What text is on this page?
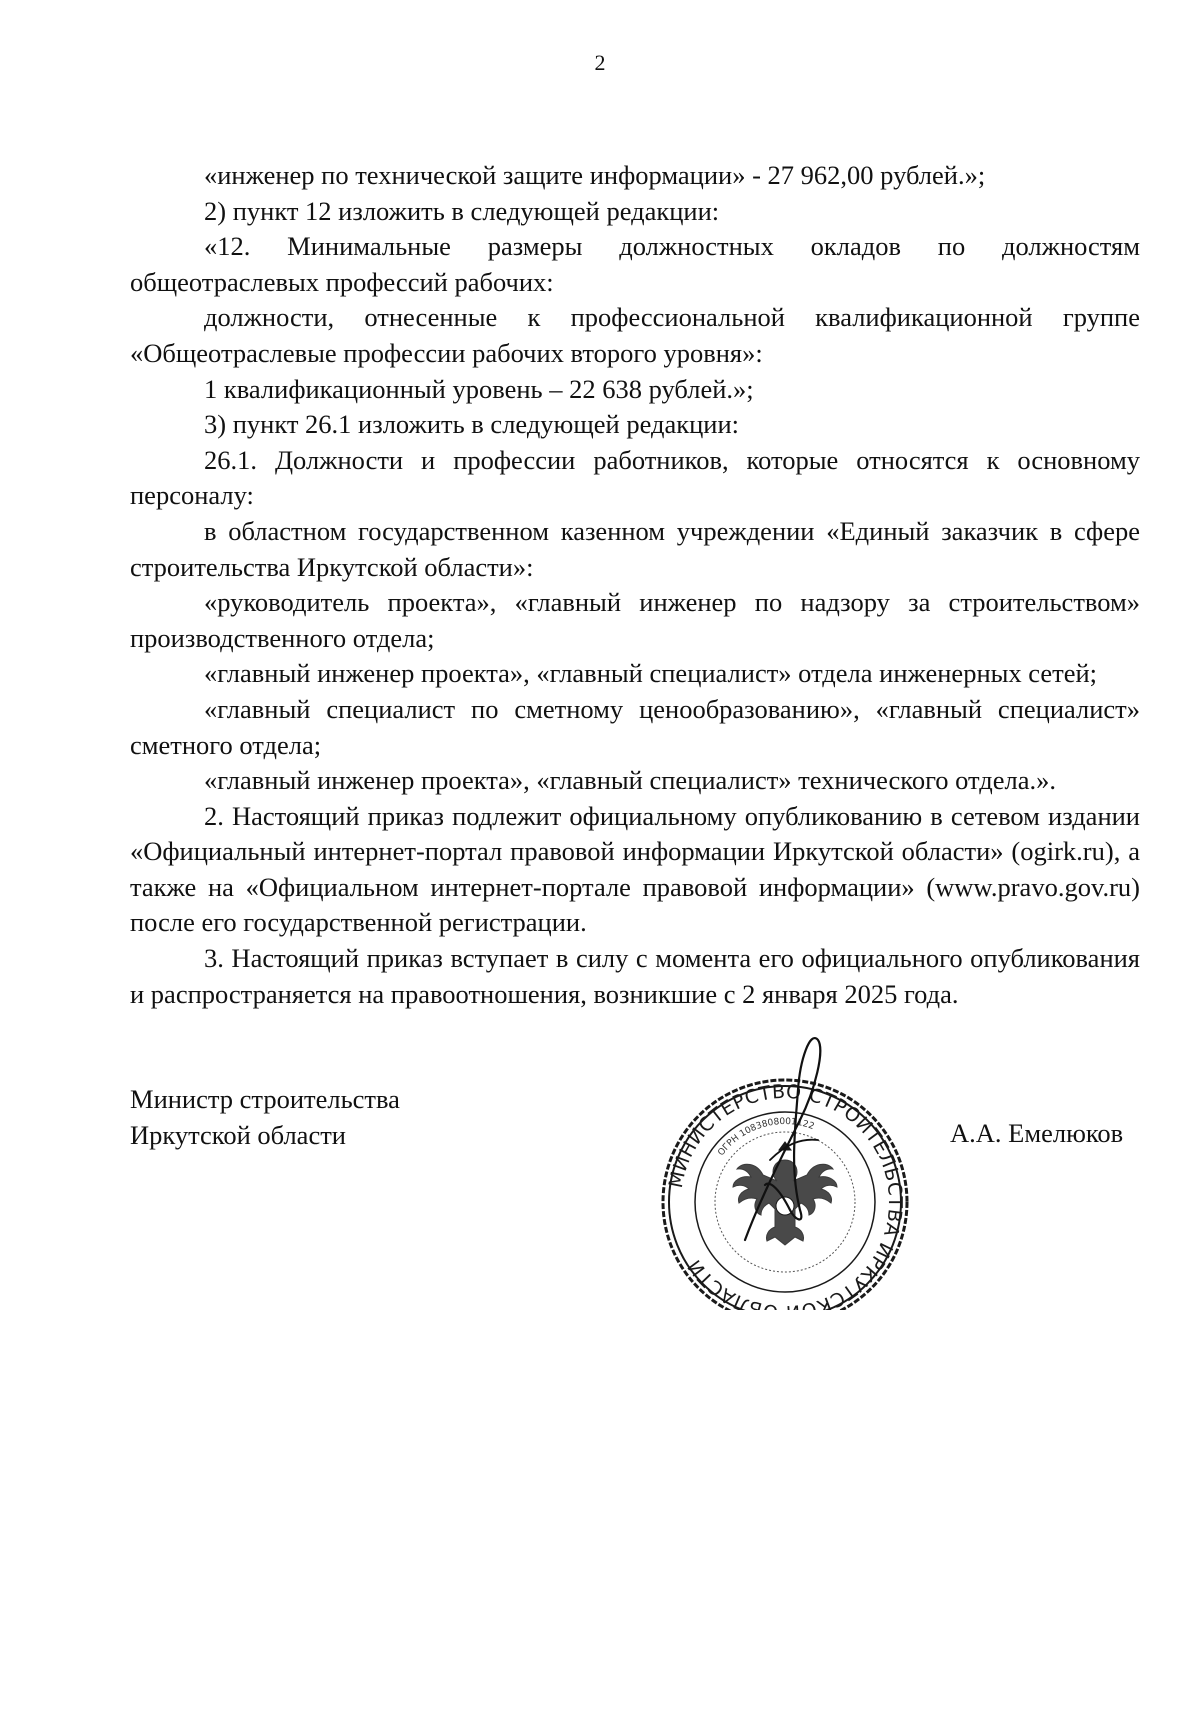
2

«инженер по технической защите информации» - 27 962,00 рублей.»;

2) пункт 12 изложить в следующей редакции:

«12. Минимальные размеры должностных окладов по должностям общеотраслевых профессий рабочих:

должности, отнесенные к профессиональной квалификационной группе «Общеотраслевые профессии рабочих второго уровня»:

1 квалификационный уровень – 22 638 рублей.»;

3) пункт 26.1 изложить в следующей редакции:

26.1. Должности и профессии работников, которые относятся к основному персоналу:

в областном государственном казенном учреждении «Единый заказчик в сфере строительства Иркутской области»:

«руководитель проекта», «главный инженер по надзору за строительством» производственного отдела;

«главный инженер проекта», «главный специалист» отдела инженерных сетей;

«главный специалист по сметному ценообразованию», «главный специалист» сметного отдела;

«главный инженер проекта», «главный специалист» технического отдела.».

2. Настоящий приказ подлежит официальному опубликованию в сетевом издании «Официальный интернет-портал правовой информации Иркутской области» (ogirk.ru), а также на «Официальном интернет-портале правовой информации» (www.pravo.gov.ru) после его государственной регистрации.

3. Настоящий приказ вступает в силу с момента его официального опубликования и распространяется на правоотношения, возникшие с 2 января 2025 года.

Министр строительства
Иркутской области
МИНИСТЕРСТВО СТРОИТЕЛЬСТВА ИРКУТСКО БЛАСТИ
ОГРН 1083808001122	А.А. Емелюков
